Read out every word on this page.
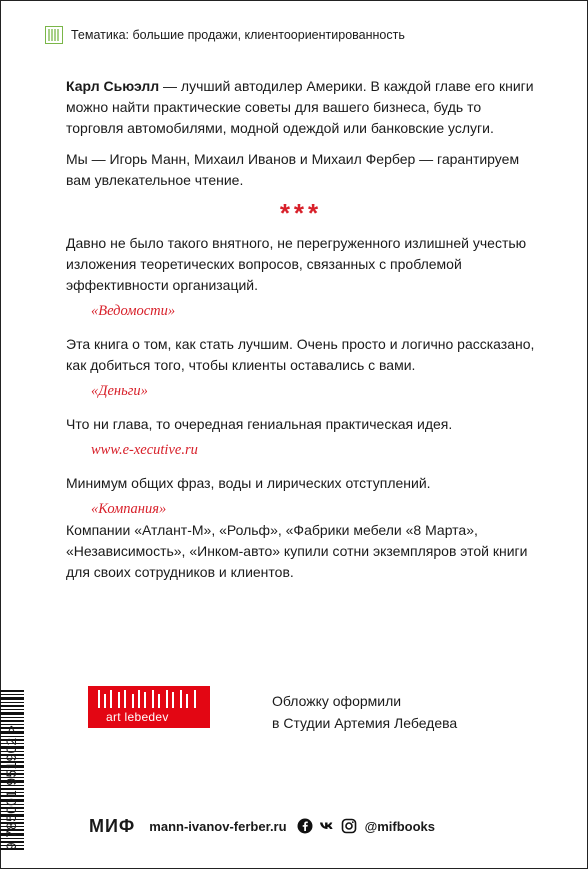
Тематика: большие продажи, клиентоориентированность

Карл Сьюэлл — лучший автодилер Америки. В каждой главе его книги можно найти практические советы для вашего бизнеса, будь то торговля автомобилями, модной одеждой или банковские услуги.

Мы — Игорь Манн, Михаил Иванов и Михаил Фербер — гарантируем вам увлекательное чтение.

***

Давно не было такого внятного, не перегруженного излишней учестью изложения теоретических вопросов, связанных с проблемой эффективности организаций.

«Ведомости»

Эта книга о том, как стать лучшим. Очень просто и логично рассказано, как добиться того, чтобы клиенты оставались с вами.

«Деньги»

Что ни глава, то очередная гениальная практическая идея.

www.e-xecutive.ru

Минимум общих фраз, воды и лирических отступлений.

«Компания»

Компании «Атлант-М», «Рольф», «Фабрики мебели «8 Марта», «Независимость», «Инком-авто» купили сотни экземпляров этой книги для своих сотрудников и клиентов.

9 785001 951902 >
art lebedev
Обложку оформили
в Студии Артемия Лебедева
МИФ mann-ivanov-ferber.ru	@mifbooks
